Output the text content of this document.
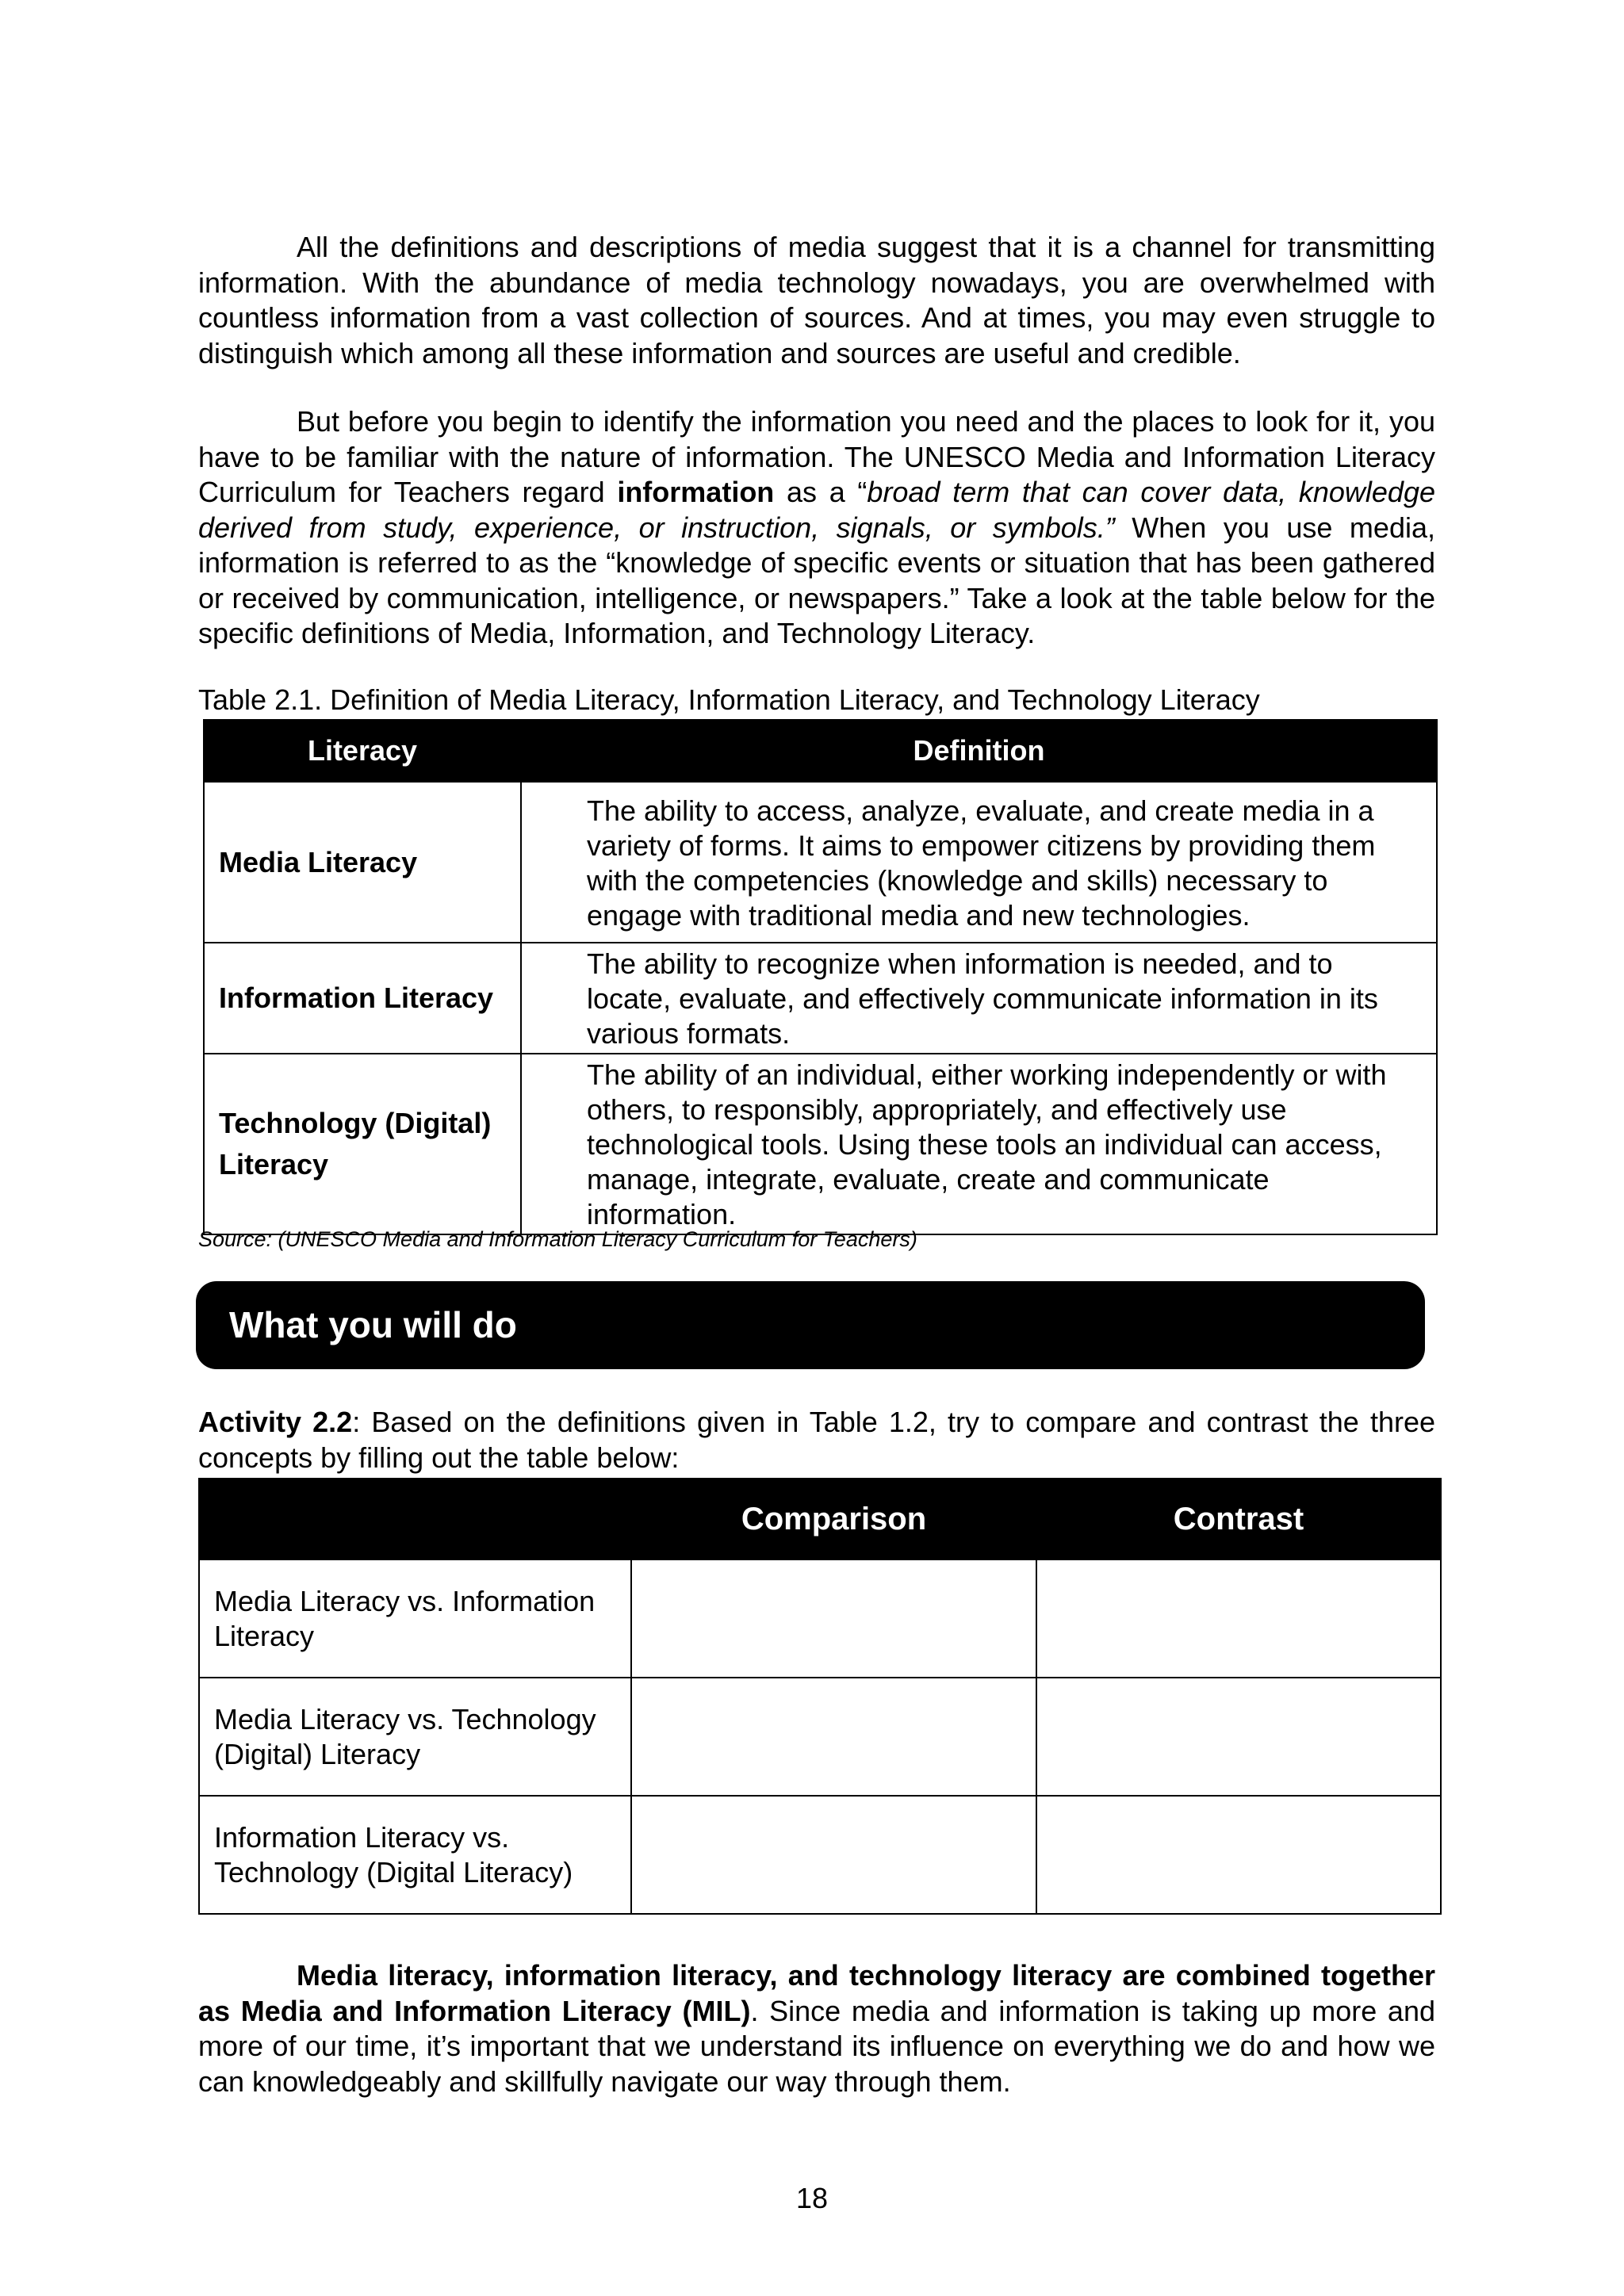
All the definitions and descriptions of media suggest that it is a channel for transmitting information. With the abundance of media technology nowadays, you are overwhelmed with countless information from a vast collection of sources. And at times, you may even struggle to distinguish which among all these information and sources are useful and credible.

But before you begin to identify the information you need and the places to look for it, you have to be familiar with the nature of information. The UNESCO Media and Information Literacy Curriculum for Teachers regard information as a “broad term that can cover data, knowledge derived from study, experience, or instruction, signals, or symbols.” When you use media, information is referred to as the “knowledge of specific events or situation that has been gathered or received by communication, intelligence, or newspapers.” Take a look at the table below for the specific definitions of Media, Information, and Technology Literacy.

Table 2.1. Definition of Media Literacy, Information Literacy, and Technology Literacy
Literacy	Definition
Media Literacy	The ability to access, analyze, evaluate, and create media in a variety of forms. It aims to empower citizens by providing them with the competencies (knowledge and skills) necessary to engage with traditional media and new technologies.
Information Literacy	The ability to recognize when information is needed, and to locate, evaluate, and effectively communicate information in its various formats.
Technology (Digital) Literacy	The ability of an individual, either working independently or with others, to responsibly, appropriately, and effectively use technological tools. Using these tools an individual can access, manage, integrate, evaluate, create and communicate information.
Source: (UNESCO Media and Information Literacy Curriculum for Teachers)
What you will do

Activity 2.2: Based on the definitions given in Table 1.2, try to compare and contrast the three concepts by filling out the table below:

	Comparison	Contrast
Media Literacy vs. Information Literacy		
Media Literacy vs. Technology (Digital) Literacy		
Information Literacy vs. Technology (Digital Literacy)		

Media literacy, information literacy, and technology literacy are combined together as Media and Information Literacy (MIL). Since media and information is taking up more and more of our time, it’s important that we understand its influence on everything we do and how we can knowledgeably and skillfully navigate our way through them.

18
